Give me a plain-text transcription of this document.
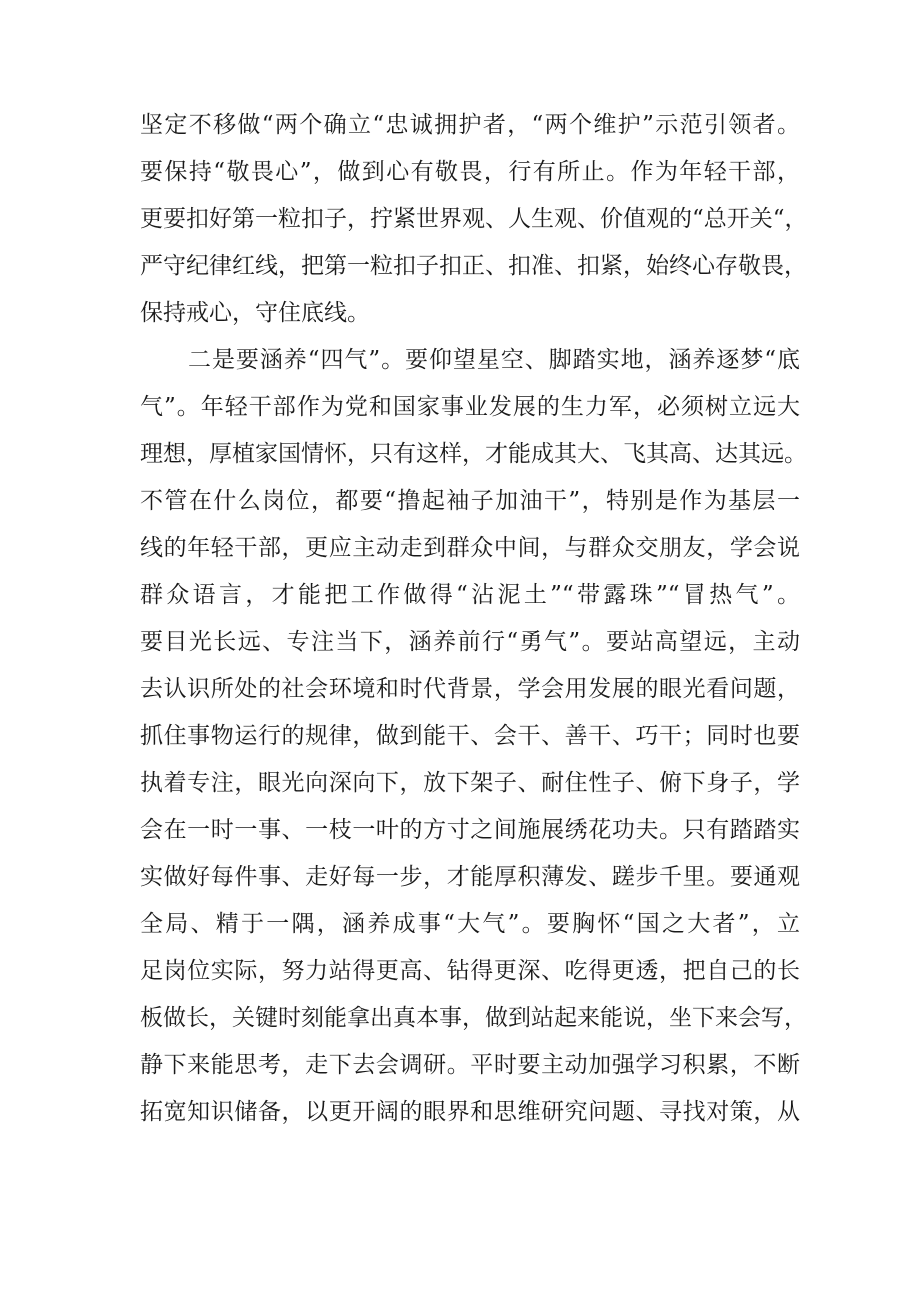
坚定不移做“两个确立“忠诚拥护者，“两个维护”示范引领者。
要保持“敬畏心”，做到心有敬畏，行有所止。作为年轻干部，
更要扣好第一粒扣子，拧紧世界观、人生观、价值观的“总开关“，
严守纪律红线，把第一粒扣子扣正、扣准、扣紧，始终心存敬畏，
保持戒心，守住底线。
二是要涵养“四气”。要仰望星空、脚踏实地，涵养逐梦“底
气”。年轻干部作为党和国家事业发展的生力军，必须树立远大
理想，厚植家国情怀，只有这样，才能成其大、飞其高、达其远。
不管在什么岗位，都要“撸起袖子加油干”，特别是作为基层一
线的年轻干部，更应主动走到群众中间，与群众交朋友，学会说
群众语言，才能把工作做得“沾泥土”“带露珠”“冒热气”。
要目光长远、专注当下，涵养前行“勇气”。要站高望远，主动
去认识所处的社会环境和时代背景，学会用发展的眼光看问题，
抓住事物运行的规律，做到能干、会干、善干、巧干；同时也要
执着专注，眼光向深向下，放下架子、耐住性子、俯下身子，学
会在一时一事、一枝一叶的方寸之间施展绣花功夫。只有踏踏实
实做好每件事、走好每一步，才能厚积薄发、蹉步千里。要通观
全局、精于一隅，涵养成事“大气”。要胸怀“国之大者”，立
足岗位实际，努力站得更高、钻得更深、吃得更透，把自己的长
板做长，关键时刻能拿出真本事，做到站起来能说，坐下来会写，
静下来能思考，走下去会调研。平时要主动加强学习积累，不断
拓宽知识储备，以更开阔的眼界和思维研究问题、寻找对策，从
